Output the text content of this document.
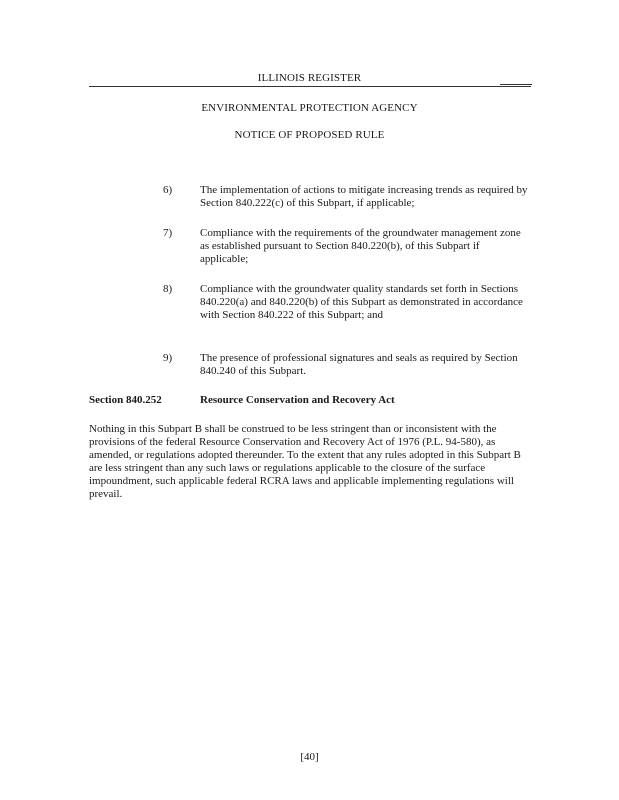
ILLINOIS REGISTER
ENVIRONMENTAL PROTECTION AGENCY
NOTICE OF PROPOSED RULE
6)	The implementation of actions to mitigate increasing trends as required by Section 840.222(c) of this Subpart, if applicable;
7)	Compliance with the requirements of the groundwater management zone as established pursuant to Section 840.220(b), of this Subpart if applicable;
8)	Compliance with the groundwater quality standards set forth in Sections 840.220(a) and 840.220(b) of this Subpart as demonstrated in accordance with Section 840.222 of this Subpart; and
9)	The presence of professional signatures and seals as required by Section 840.240 of this Subpart.
Section 840.252	Resource Conservation and Recovery Act
Nothing in this Subpart B shall be construed to be less stringent than or inconsistent with the provisions of the federal Resource Conservation and Recovery Act of 1976 (P.L. 94-580), as amended, or regulations adopted thereunder. To the extent that any rules adopted in this Subpart B are less stringent than any such laws or regulations applicable to the closure of the surface impoundment, such applicable federal RCRA laws and applicable implementing regulations will prevail.
[40]
